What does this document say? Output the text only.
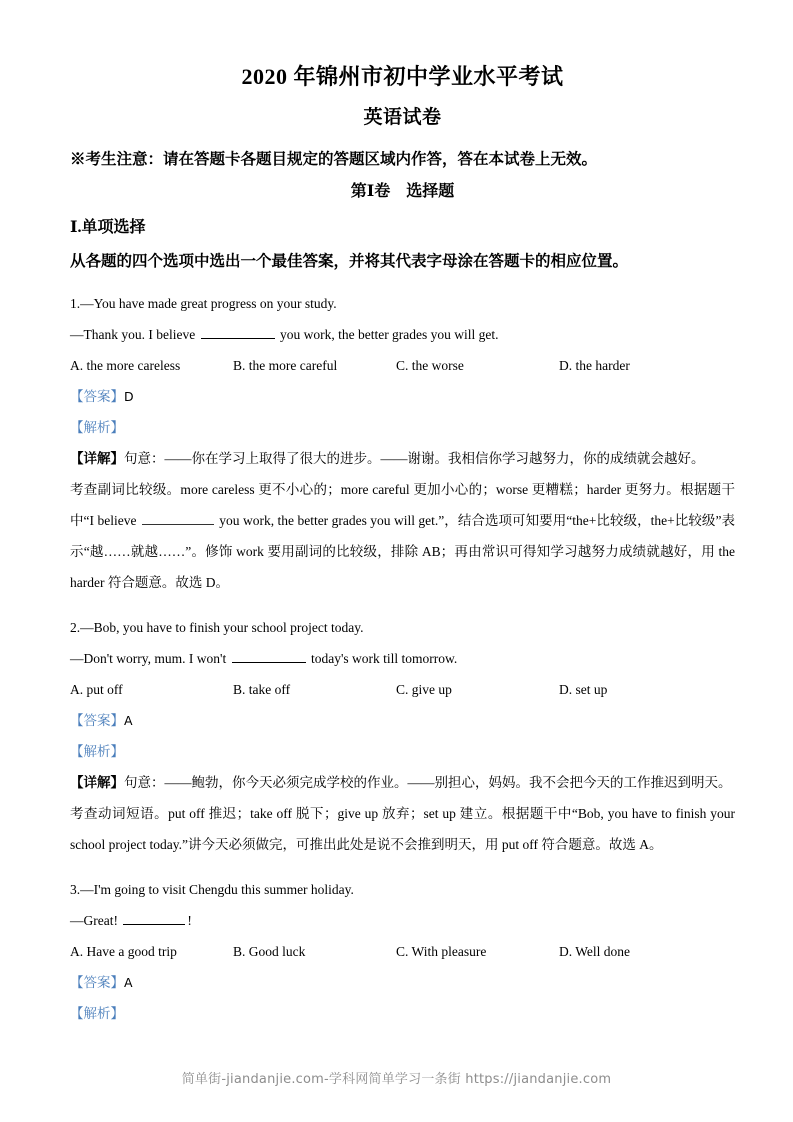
2020 年锦州市初中学业水平考试
英语试卷
※考生注意：请在答题卡各题目规定的答题区域内作答，答在本试卷上无效。
第Ⅰ卷　选择题
Ⅰ.单项选择
从各题的四个选项中选出一个最佳答案，并将其代表字母涂在答题卡的相应位置。
1.—You have made great progress on your study.
—Thank you. I believe	you work, the better grades you will get.
A. the more careless	B. the more careful	C. the worse	D. the harder
【答案】D
【解析】
【详解】句意：——你在学习上取得了很大的进步。——谢谢。我相信你学习越努力，你的成绩就会越好。
考查副词比较级。more careless 更不小心的；more careful 更加小心的；worse 更糟糕；harder 更努力。根据题干中“I believe	you work, the better grades you will get.”，结合选项可知要用“the+比较级，the+比较级”表示“越……就越……”。修饰 work 要用副词的比较级，排除 AB；再由常识可得知学习越努力成绩就越好，用 the harder 符合题意。故选 D。
2.—Bob, you have to finish your school project today.
—Don't worry, mum. I won't	today's work till tomorrow.
A. put off	B. take off	C. give up	D. set up
【答案】A
【解析】
【详解】句意：——鲍勃，你今天必须完成学校的作业。——别担心，妈妈。我不会把今天的工作推迟到明天。
考查动词短语。put off 推迟；take off 脱下；give up 放弃；set up 建立。根据题干中“Bob, you have to finish your school project today.”讲今天必须做完，可推出此处是说不会推到明天，用 put off 符合题意。故选 A。
3.—I'm going to visit Chengdu this summer holiday.
—Great!	!
A. Have a good trip	B. Good luck	C. With pleasure	D. Well done
【答案】A
【解析】
简单街-jiandanjie.com-学科网简单学习一条街 https://jiandanjie.com
